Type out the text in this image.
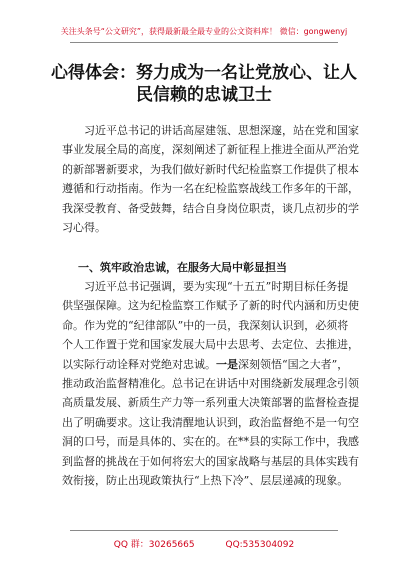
关注头条号“公文研究”，获得最新最全最专业的公文资料库！ 微信：gongwenyj
心得体会：努力成为一名让党放心、让人
民信赖的忠诚卫士
习近平总书记的讲话高屋建瓴、思想深邃，站在党和国家
事业发展全局的高度，深刻阐述了新征程上推进全面从严治党
的新部署新要求，为我们做好新时代纪检监察工作提供了根本
遵循和行动指南。作为一名在纪检监察战线工作多年的干部，
我深受教育、备受鼓舞，结合自身岗位职责，谈几点初步的学
习心得。
一、筑牢政治忠诚，在服务大局中彰显担当
习近平总书记强调，要为实现“十五五”时期目标任务提
供坚强保障。这为纪检监察工作赋予了新的时代内涵和历史使
命。作为党的“纪律部队”中的一员，我深刻认识到，必须将
个人工作置于党和国家发展大局中去思考、去定位、去推进，
以实际行动诠释对党绝对忠诚。一是深刻领悟“国之大者”，
推动政治监督精准化。总书记在讲话中对围绕新发展理念引领
高质量发展、新质生产力等一系列重大决策部署的监督检查提
出了明确要求。这让我清醒地认识到，政治监督绝不是一句空
洞的口号，而是具体的、实在的。在**县的实际工作中，我感
到监督的挑战在于如何将宏大的国家战略与基层的具体实践有
效衔接，防止出现政策执行“上热下冷”、层层递减的现象。
QQ 群：30265665	QQ:535304092
